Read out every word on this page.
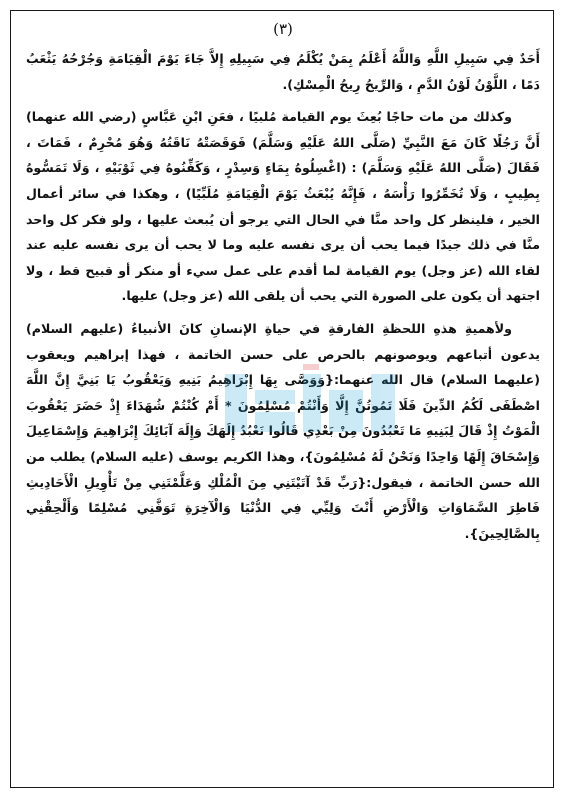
(٣)

أَحَدٌ فِي سَبِيلِ اللَّهِ وَاللَّهُ أَعْلَمُ بِمَنْ يُكْلَمُ فِي سَبِيلِهِ إِلاَّ جَاءَ يَوْمَ الْقِيَامَةِ وَجُرْحُهُ يَثْعَبُ دَمًا ، اللَّوْنُ لَوْنُ الدَّمِ ، وَالرِّيحُ رِيحُ الْمِسْكِ).

وكذلك من مات حاجًا بُعِثَ يوم القيامة مُلبيًا ، فعَنِ ابْنِ عَبَّاسٍ (رضي الله عنهما) أَنَّ رَجُلًا كَانَ مَعَ النَّبِيِّ (صَلَّى اللهُ عَلَيْهِ وَسَلَّمَ) فَوَقَصَتْهُ نَاقَتُهُ وَهُوَ مُحْرِمٌ ، فَمَاتَ ، فَقَالَ (صَلَّى اللهُ عَلَيْهِ وَسَلَّمَ) : (اغْسِلُوهُ بِمَاءٍ وَسِدْرٍ ، وَكَفِّنُوهُ فِي ثَوْبَيْهِ ، وَلَا تَمَسُّوهُ بِطِيبٍ ، وَلَا تُخَمِّرُوا رَأْسَهُ ، فَإِنَّهُ يُبْعَثُ يَوْمَ الْقِيَامَةِ مُلَبِّيًا) ، وهكذا في سائر أعمال الخير ، فلينظر كل واحد منَّا في الحال التي يرجو أن يُبعث عليها ، ولو فكر كل واحد منَّا في ذلك جيدًا فيما يحب أن يرى نفسه عليه وما لا يحب أن يرى نفسه عليه عند لقاء الله (عز وجل) يوم القيامة لما أقدم على عمل سيء أو منكر أو قبيح قط ، ولا اجتهد أن يكون على الصورة التي يحب أن يلقى الله (عز وجل) عليها.

ولأهميةِ هذهِ اللحظةِ الفارقةِ في حياةِ الإنسانِ كانَ الأنبياءُ (عليهم السلام) يدعون أتباعهم ويوصونهم بالحرص على حسن الخاتمة ، فهذا إبراهيم ويعقوب (عليهما السلام) قال الله عنهما:{وَوَصَّى بِهَا إِبْرَاهِيمُ بَنِيهِ وَيَعْقُوبُ يَا بَنِيَّ إِنَّ اللَّهَ اصْطَفَى لَكُمُ الدِّينَ فَلَا تَمُوتُنَّ إِلَّا وَأَنْتُمْ مُسْلِمُونَ * أَمْ كُنْتُمْ شُهَدَاءَ إِذْ حَضَرَ يَعْقُوبَ الْمَوْتُ إِذْ قَالَ لِبَنِيهِ مَا تَعْبُدُونَ مِنْ بَعْدِي قَالُوا نَعْبُدُ إِلَهَكَ وَإِلَهَ آبَائِكَ إِبْرَاهِيمَ وَإِسْمَاعِيلَ وَإِسْحَاقَ إِلَهًا وَاحِدًا وَنَحْنُ لَهُ مُسْلِمُونَ}، وهذا الكريم يوسف (عليه السلام) يطلب من الله حسن الخاتمة ، فيقول:{رَبِّ قَدْ آتَيْتَنِي مِنَ الْمُلْكِ وَعَلَّمْتَنِي مِنْ تَأْوِيلِ الْأَحَادِيثِ فَاطِرَ السَّمَاوَاتِ وَالْأَرْضِ أَنْتَ وَلِيِّي فِي الدُّنْيَا وَالْآخِرَةِ تَوَفَّنِي مُسْلِمًا وَأَلْحِقْنِي بِالصَّالِحِينَ}.
